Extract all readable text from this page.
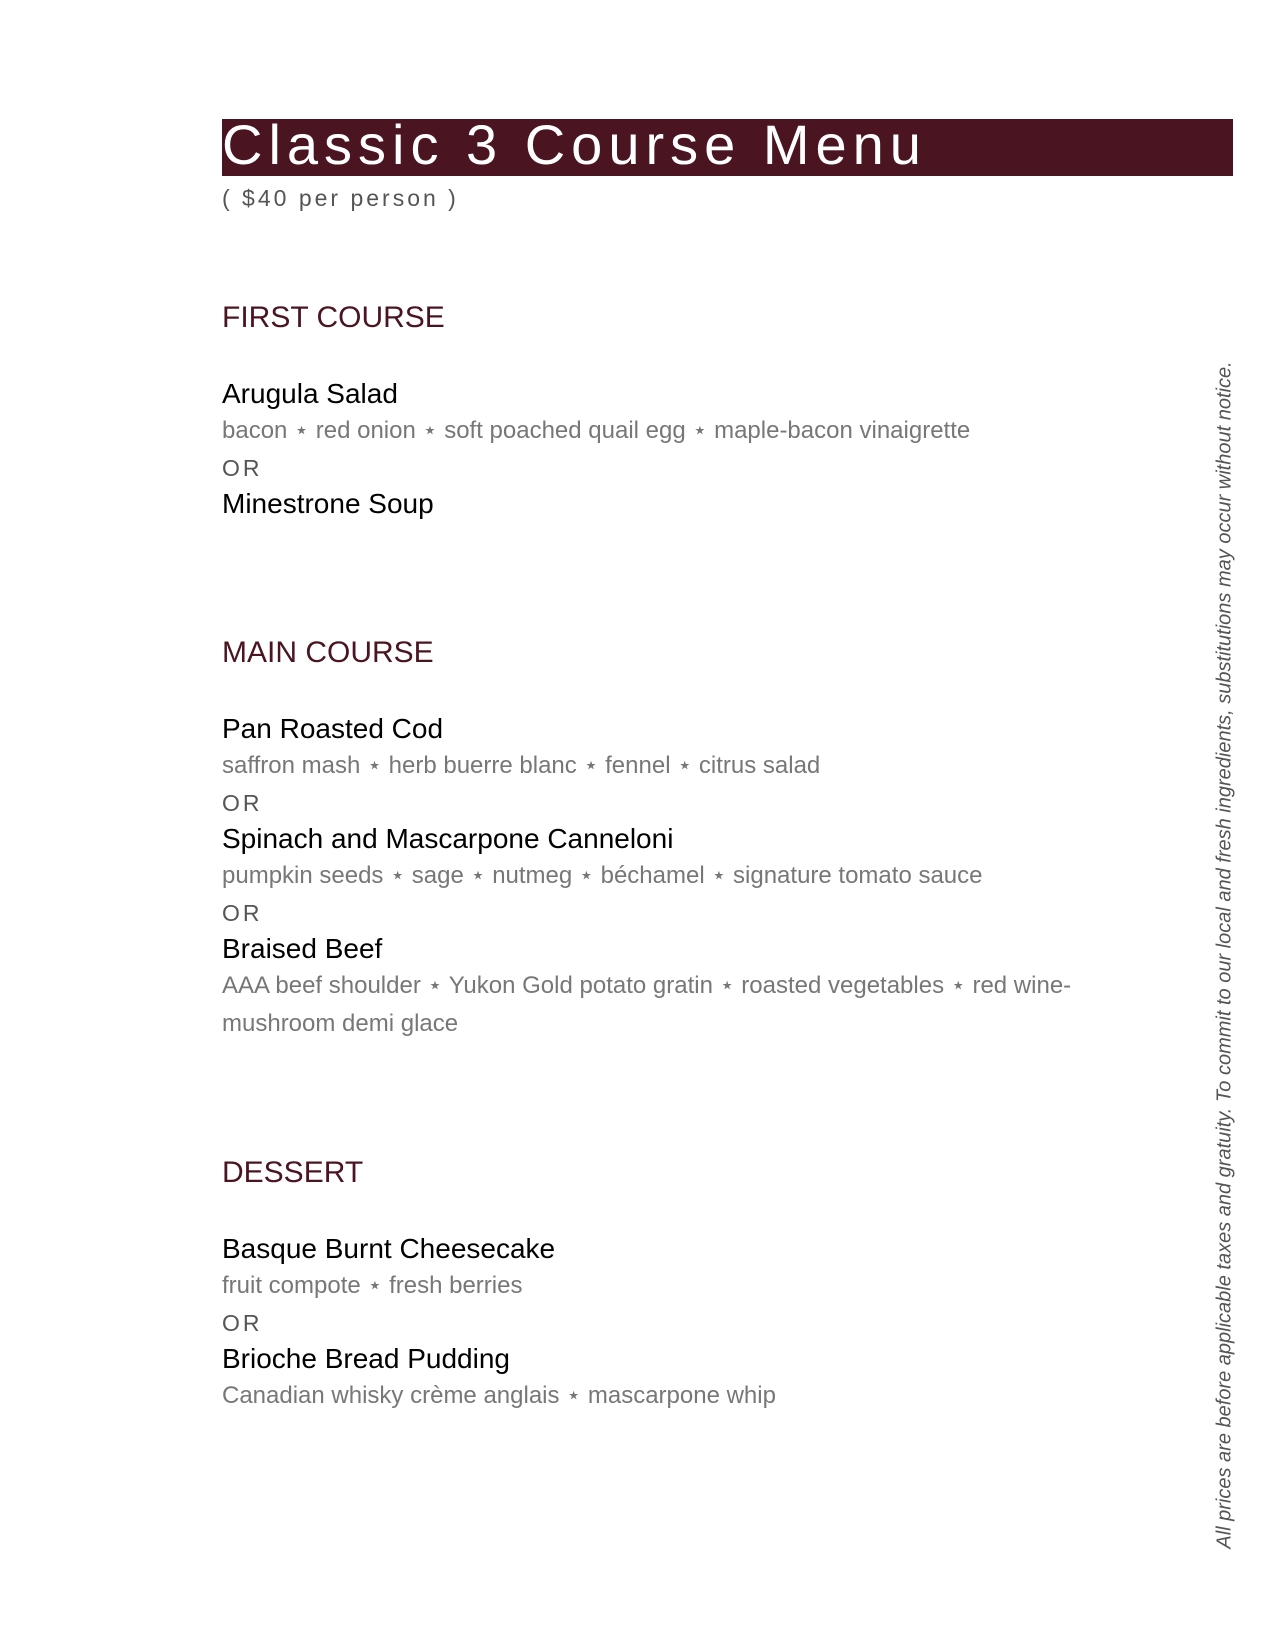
Classic 3 Course Menu
( $40 per person )
FIRST COURSE
Arugula Salad
bacon ⋆ red onion ⋆ soft poached quail egg ⋆ maple-bacon vinaigrette
OR
Minestrone Soup
MAIN COURSE
Pan Roasted Cod
saffron mash ⋆ herb buerre blanc ⋆ fennel ⋆ citrus salad
OR
Spinach and Mascarpone Canneloni
pumpkin seeds ⋆ sage ⋆ nutmeg ⋆ béchamel ⋆ signature tomato sauce
OR
Braised Beef
AAA beef shoulder ⋆ Yukon Gold potato gratin ⋆ roasted vegetables ⋆ red wine-mushroom demi glace
DESSERT
Basque Burnt Cheesecake
fruit compote ⋆ fresh berries
OR
Brioche Bread Pudding
Canadian whisky crème anglais ⋆ mascarpone whip	All prices are before applicable taxes and gratuity. To commit to our local and fresh ingredients, substitutions may occur without notice.
